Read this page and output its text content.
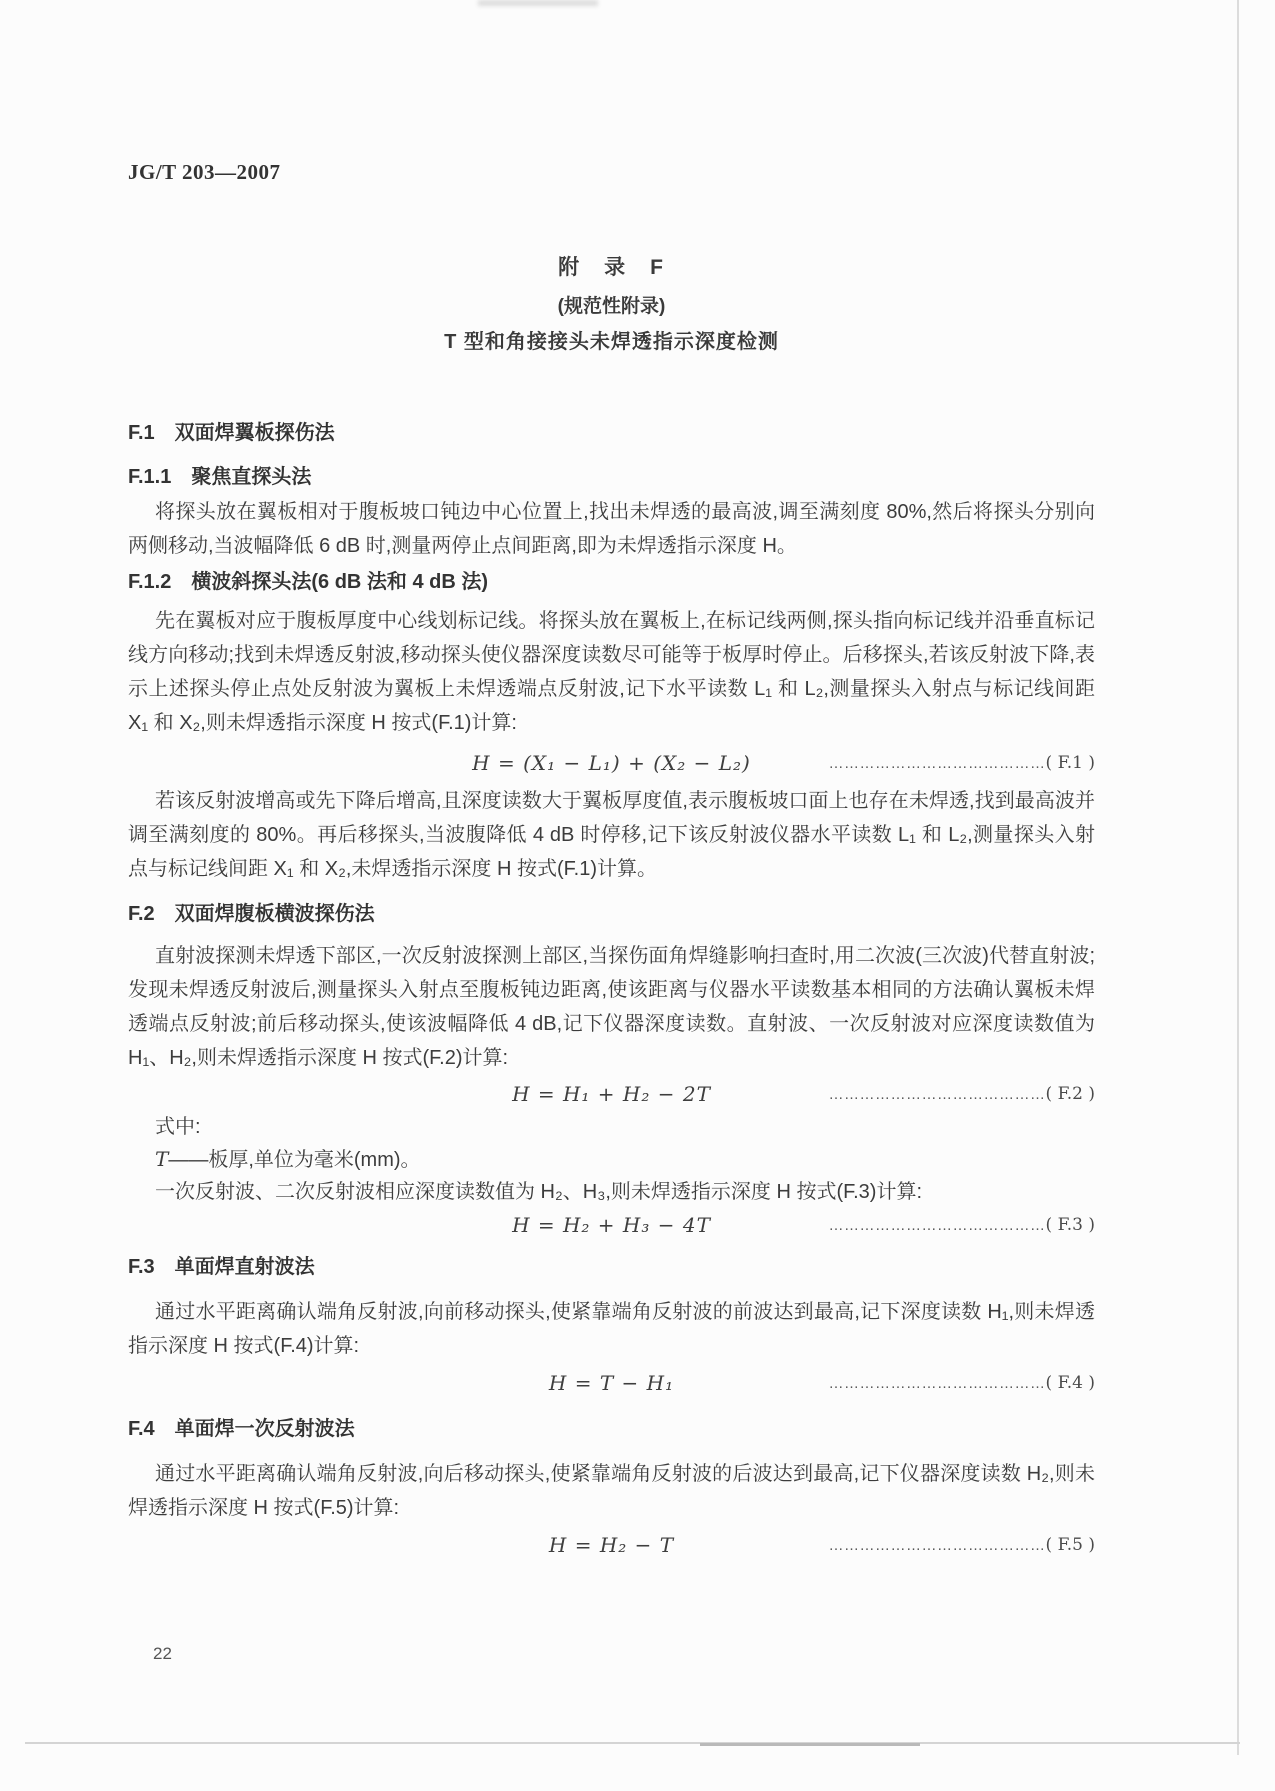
JG/T 203—2007
附　录　F
(规范性附录)
T 型和角接接头未焊透指示深度检测
F.1　双面焊翼板探伤法
F.1.1　聚焦直探头法
将探头放在翼板相对于腹板坡口钝边中心位置上,找出未焊透的最高波,调至满刻度 80%,然后将探头分别向两侧移动,当波幅降低 6 dB 时,测量两停止点间距离,即为未焊透指示深度 H。
F.1.2　横波斜探头法(6 dB 法和 4 dB 法)
先在翼板对应于腹板厚度中心线划标记线。将探头放在翼板上,在标记线两侧,探头指向标记线并沿垂直标记线方向移动;找到未焊透反射波,移动探头使仪器深度读数尽可能等于板厚时停止。后移探头,若该反射波下降,表示上述探头停止点处反射波为翼板上未焊透端点反射波,记下水平读数 L₁ 和 L₂,测量探头入射点与标记线间距 X₁ 和 X₂,则未焊透指示深度 H 按式(F.1)计算:
H = (X₁ − L₁) + (X₂ − L₂)	……………………………………( F.1 )
若该反射波增高或先下降后增高,且深度读数大于翼板厚度值,表示腹板坡口面上也存在未焊透,找到最高波并调至满刻度的 80%。再后移探头,当波腹降低 4 dB 时停移,记下该反射波仪器水平读数 L₁ 和 L₂,测量探头入射点与标记线间距 X₁ 和 X₂,未焊透指示深度 H 按式(F.1)计算。
F.2　双面焊腹板横波探伤法
直射波探测未焊透下部区,一次反射波探测上部区,当探伤面角焊缝影响扫查时,用二次波(三次波)代替直射波;发现未焊透反射波后,测量探头入射点至腹板钝边距离,使该距离与仪器水平读数基本相同的方法确认翼板未焊透端点反射波;前后移动探头,使该波幅降低 4 dB,记下仪器深度读数。直射波、一次反射波对应深度读数值为 H₁、H₂,则未焊透指示深度 H 按式(F.2)计算:
H = H₁ + H₂ − 2T	……………………………………( F.2 )
式中:
T——板厚,单位为毫米(mm)。
一次反射波、二次反射波相应深度读数值为 H₂、H₃,则未焊透指示深度 H 按式(F.3)计算:
H = H₂ + H₃ − 4T	……………………………………( F.3 )
F.3　单面焊直射波法
通过水平距离确认端角反射波,向前移动探头,使紧靠端角反射波的前波达到最高,记下深度读数 H₁,则未焊透指示深度 H 按式(F.4)计算:
H = T − H₁	……………………………………( F.4 )
F.4　单面焊一次反射波法
通过水平距离确认端角反射波,向后移动探头,使紧靠端角反射波的后波达到最高,记下仪器深度读数 H₂,则未焊透指示深度 H 按式(F.5)计算:
H = H₂ − T	……………………………………( F.5 )
22
